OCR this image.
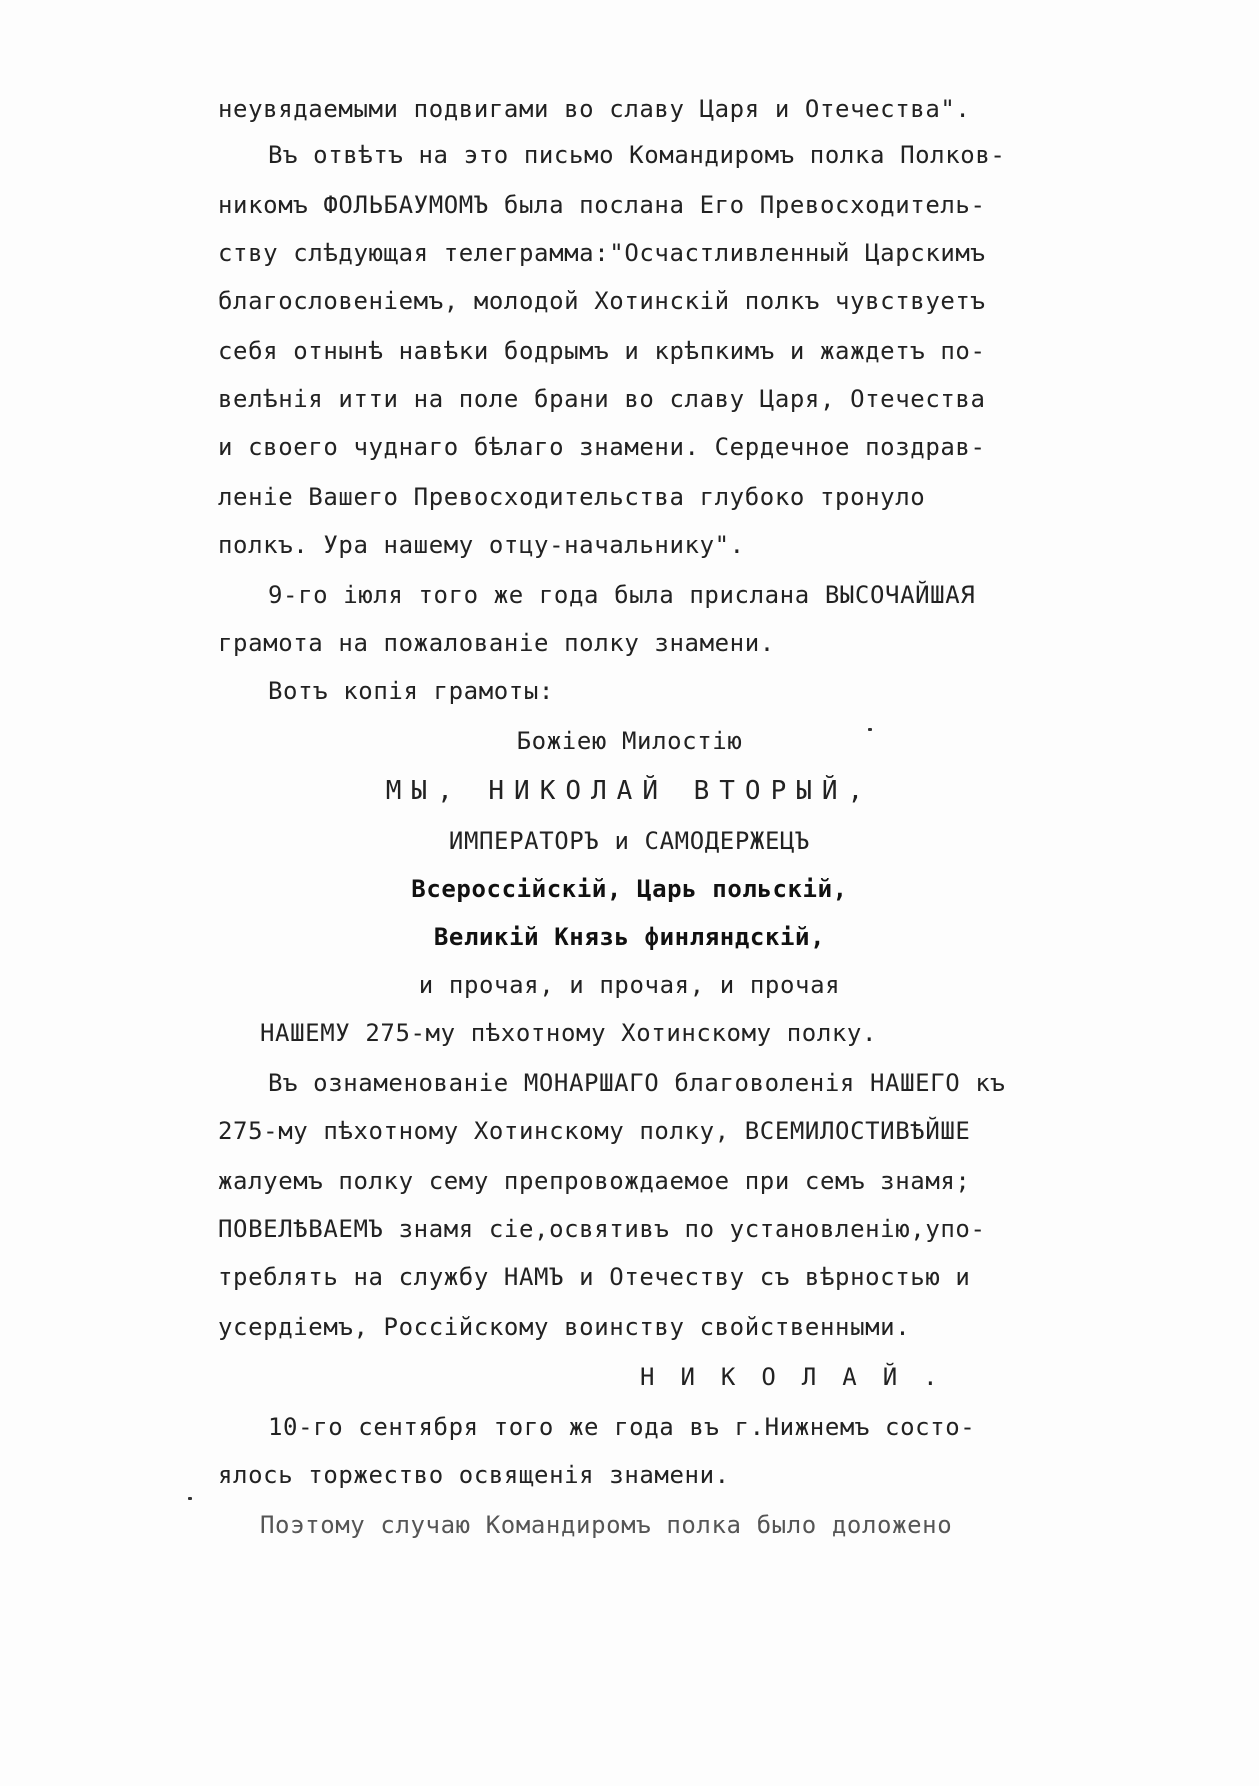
неувядаемыми подвигами во славу Царя и Отечества".
Въ отвѣтъ на это письмо Командиромъ полка Полков-
никомъ ФОЛЬБАУМОМЪ была послана Его Превосходитель-
ству слѣдующая телеграмма:"Осчастливленный Царскимъ
благословеніемъ, молодой Хотинскій полкъ чувствуетъ
себя отнынѣ навѣки бодрымъ и крѣпкимъ и жаждетъ по-
велѣнія итти на поле брани во славу Царя, Отечества
и своего чуднаго бѣлаго знамени. Сердечное поздрав-
леніе Вашего Превосходительства глубоко тронуло
полкъ. Ура нашему отцу-начальнику".
9-го іюля того же года была прислана ВЫСОЧАЙШАЯ
грамота на пожалованіе полку знамени.
Вотъ копія грамоты:
Божіею Милостію
МЫ, НИКОЛАЙ ВТОРЫЙ,
ИМПЕРАТОРЪ и САМОДЕРЖЕЦЪ
Всероссійскій, Царь польскій,
Великій Князь финляндскій,
и прочая, и прочая, и прочая
НАШЕМУ 275-му пѣхотному Хотинскому полку.
Въ ознаменованіе МОНАРШАГО благоволенія НАШЕГО къ
275-му пѣхотному Хотинскому полку, ВСЕМИЛОСТИВѢЙШЕ
жалуемъ полку сему препровождаемое при семъ знамя;
ПОВЕЛѢВАЕМЪ знамя сіе,освятивъ по установленію,упо-
треблять на службу НАМЪ и Отечеству съ вѣрностью и
усердіемъ, Россійскому воинству свойственными.
НИКОЛАЙ.
10-го сентября того же года въ г.Нижнемъ состо-
ялось торжество освященія знамени.
Поэтому случаю Командиромъ полка было доложено
